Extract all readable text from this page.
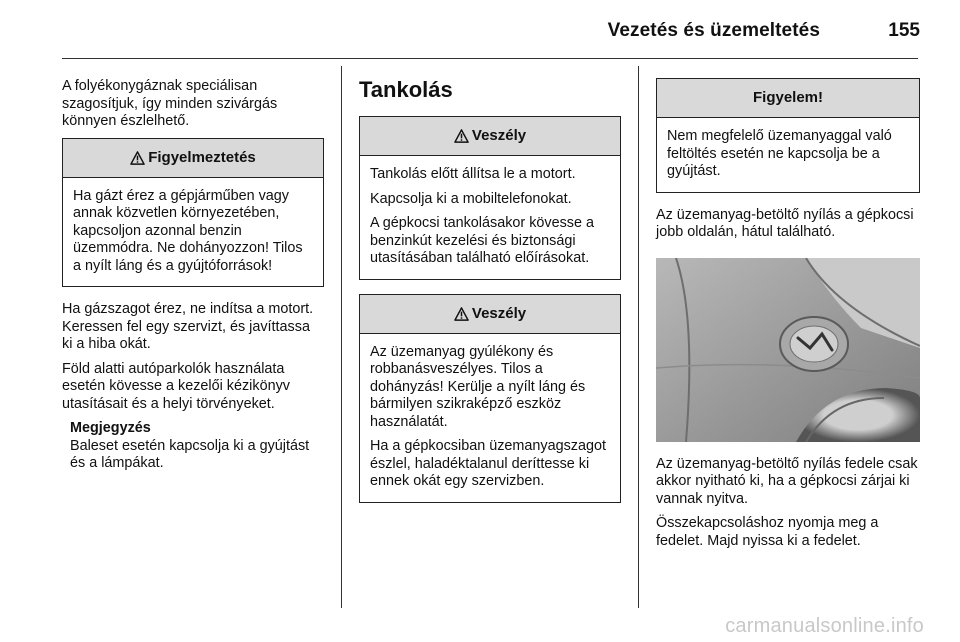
Vezetés és üzemeltetés	155

A folyékonygáznak speciálisan szagosítjuk, így minden szivárgás könnyen észlelhető.

Figyelmeztetés

Ha gázt érez a gépjárműben vagy annak közvetlen környezetében, kapcsoljon azonnal benzin üzemmódra. Ne dohányozzon! Tilos a nyílt láng és a gyújtóforrások!

Ha gázszagot érez, ne indítsa a motort. Keressen fel egy szervizt, és javíttassa ki a hiba okát.

Föld alatti autóparkolók használata esetén kövesse a kezelői kézikönyv utasításait és a helyi törvényeket.

Megjegyzés
Baleset esetén kapcsolja ki a gyújtást és a lámpákat.
Tankolás
Veszély

Tankolás előtt állítsa le a motort.

Kapcsolja ki a mobiltelefonokat.

A gépkocsi tankolásakor kövesse a benzinkút kezelési és biztonsági utasításában található előírásokat.

Veszély

Az üzemanyag gyúlékony és robbanásveszélyes. Tilos a dohányzás! Kerülje a nyílt láng és bármilyen szikraképző eszköz használatát.

Ha a gépkocsiban üzemanyagszagot észlel, haladéktalanul deríttesse ki ennek okát egy szervizben.

Figyelem!

Nem megfelelő üzemanyaggal való feltöltés esetén ne kapcsolja be a gyújtást.

Az üzemanyag-betöltő nyílás a gépkocsi jobb oldalán, hátul található.

Az üzemanyag-betöltő nyílás fedele csak akkor nyitható ki, ha a gépkocsi zárjai ki vannak nyitva.

Összekapcsoláshoz nyomja meg a fedelet. Majd nyissa ki a fedelet.

carmanualsonline.info
